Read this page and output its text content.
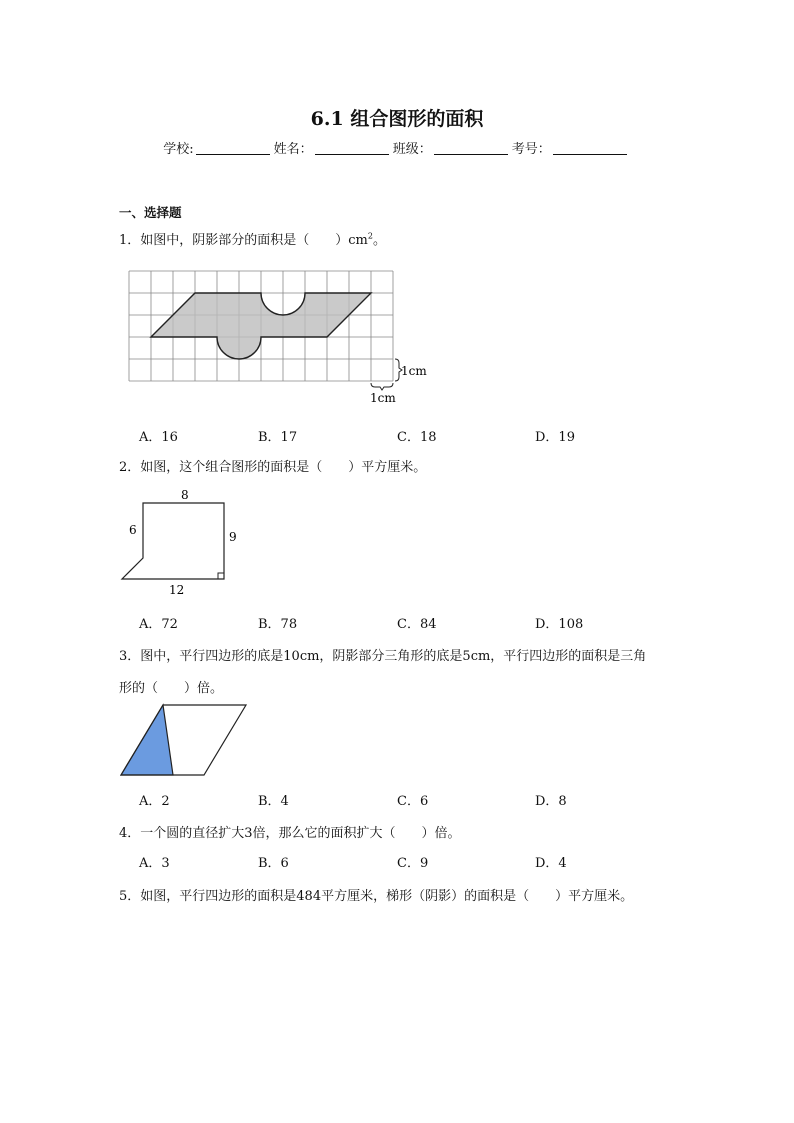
6.1 组合图形的面积
学校:	姓名：	班级：	考号：
一、选择题
1．如图中，阴影部分的面积是（　　）$cm^2$。
1cm
1cm
A．16	B．17	C．18	D．19
2．如图，这个组合图形的面积是（　　）平方厘米。
8
6	9
12
A．72	B．78	C．84	D．108
3．图中，平行四边形的底是10cm，阴影部分三角形的底是5cm，平行四边形的面积是三角
形的（　　）倍。
A．2	B．4	C．6	D．8
4．一个圆的直径扩大3倍，那么它的面积扩大（　　）倍。
A．3	B．6	C．9	D．4
5．如图，平行四边形的面积是484平方厘米，梯形（阴影）的面积是（　　）平方厘米。
